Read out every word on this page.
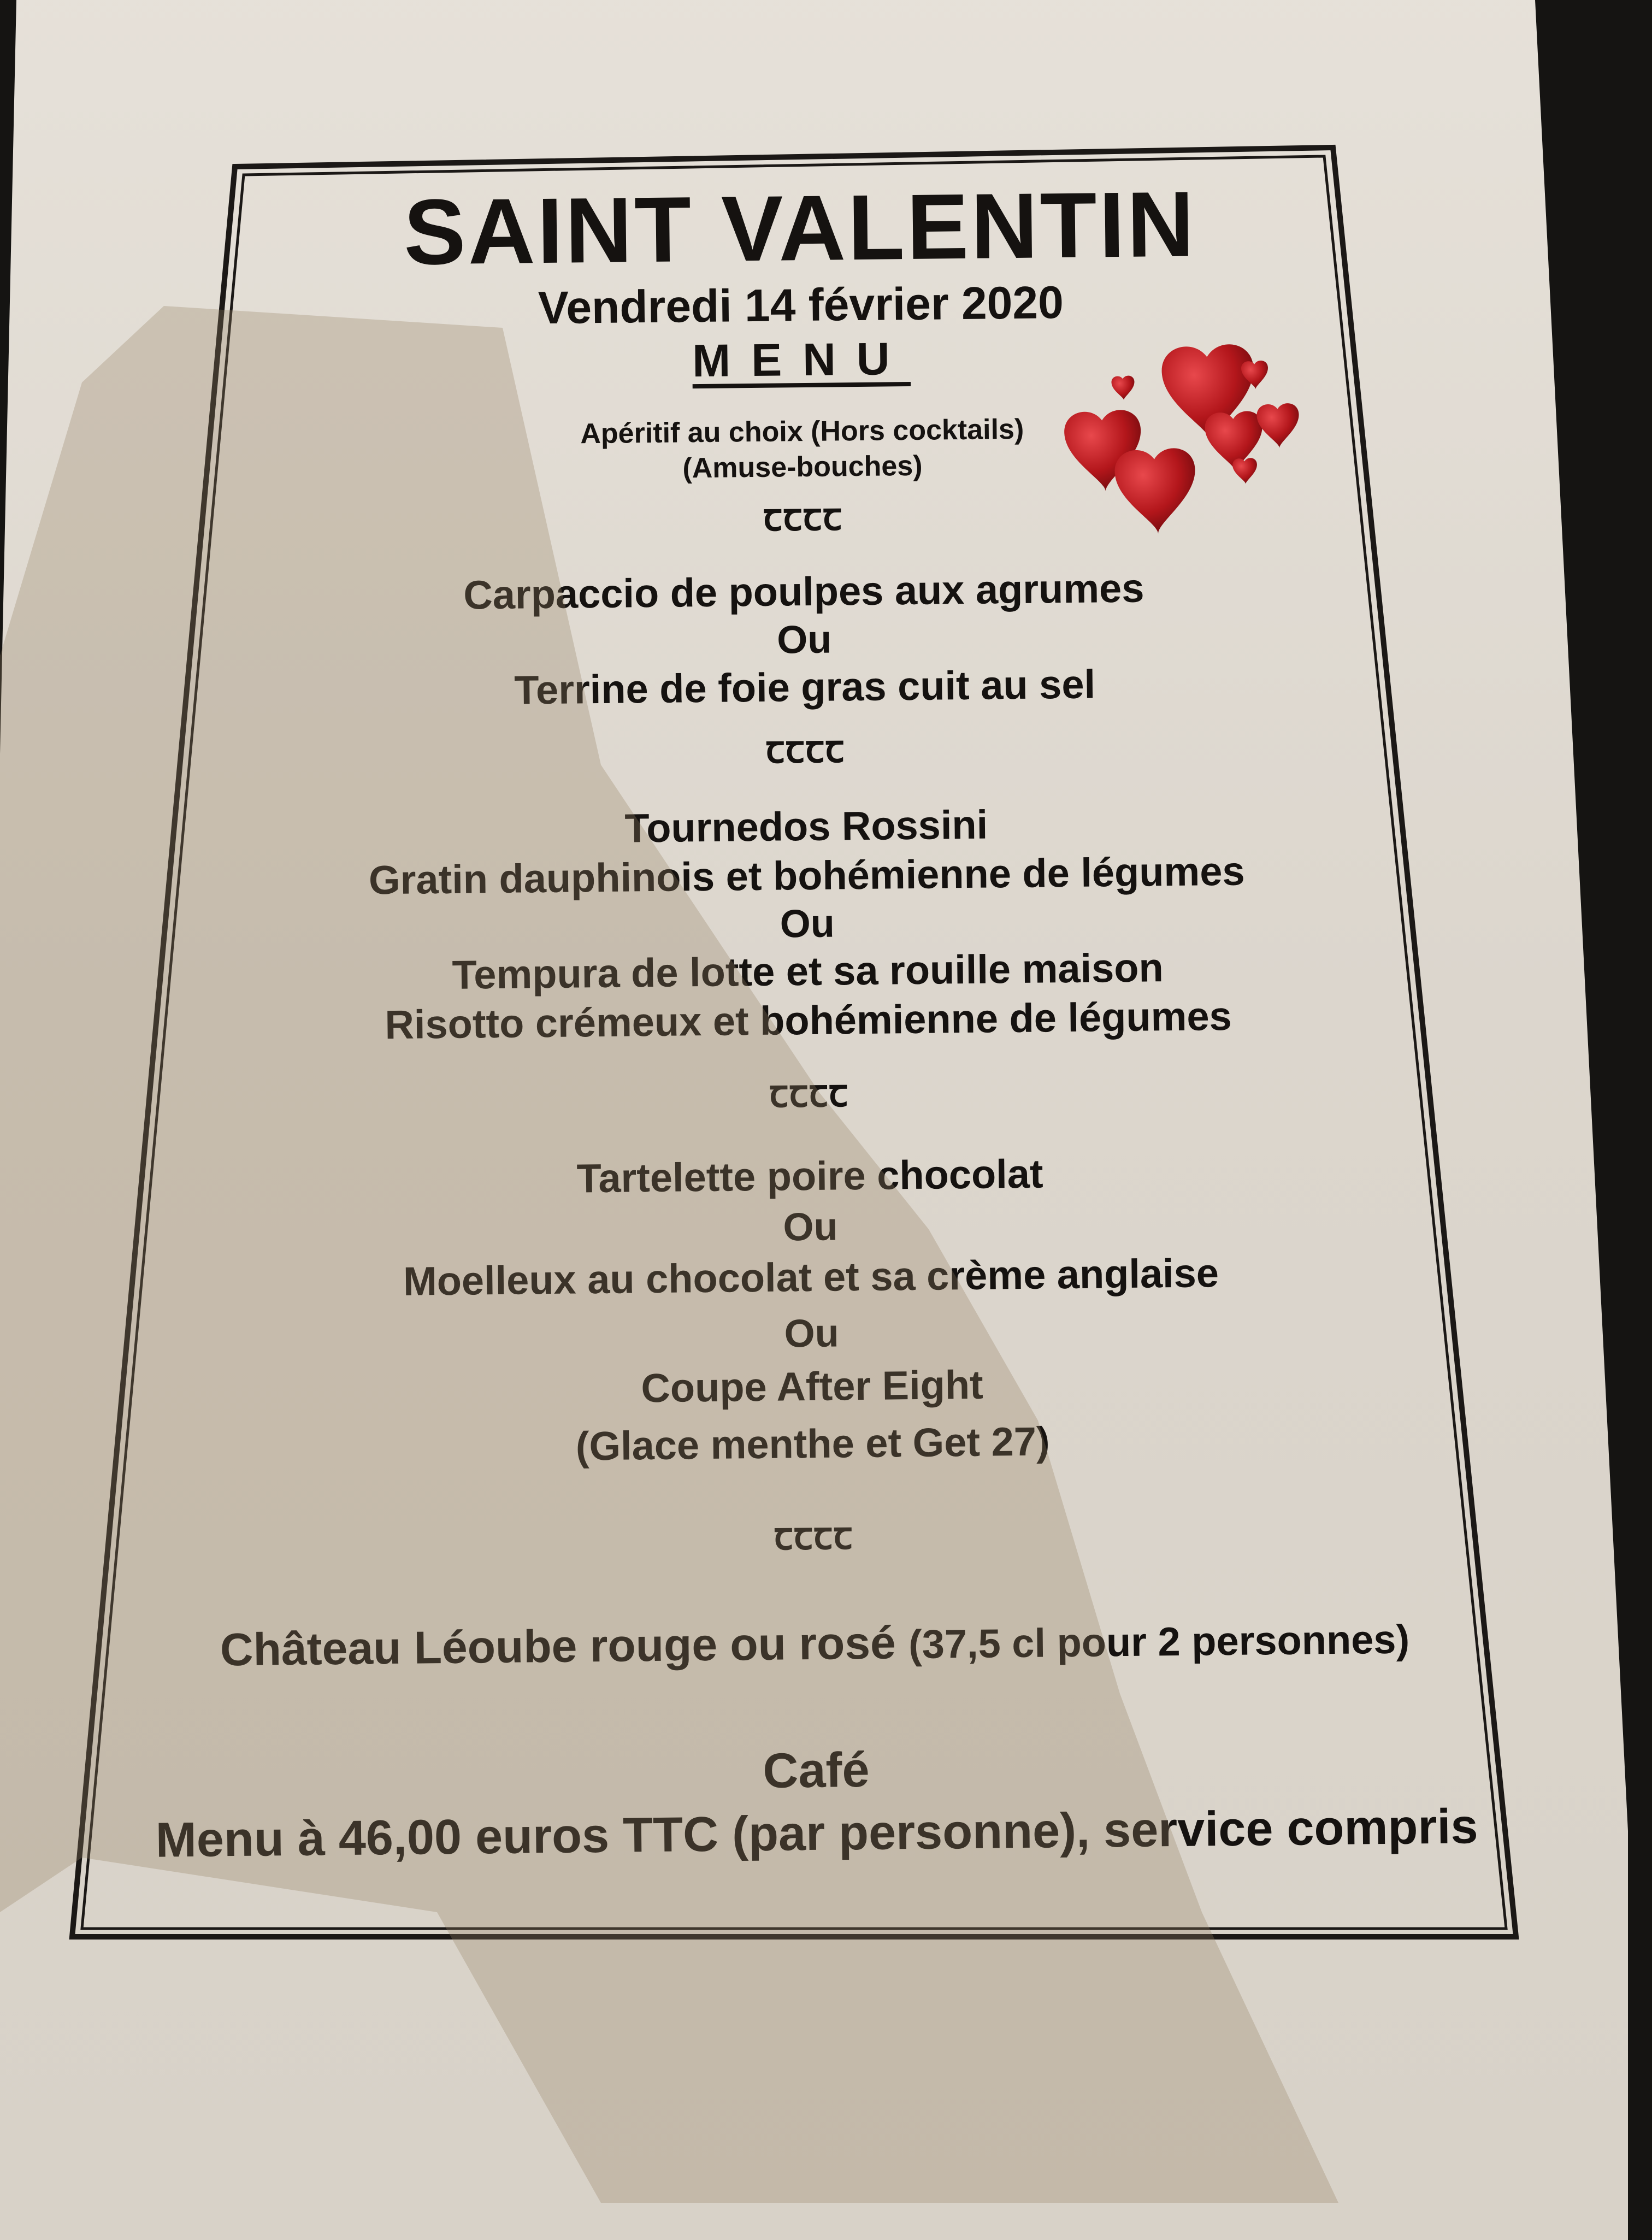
SAINT VALENTIN
Vendredi 14 février 2020
MENU
Apéritif au choix (Hors cocktails)
(Amuse-bouches)
ꞇꞇꞇꞇ
Carpaccio de poulpes aux agrumes
Ou
Terrine de foie gras cuit au sel
ꞇꞇꞇꞇ
Tournedos Rossini
Gratin dauphinois et bohémienne de légumes
Ou
Tempura de lotte et sa rouille maison
Risotto crémeux et bohémienne de légumes
ꞇꞇꞇꞇ
Tartelette poire chocolat
Ou
Moelleux au chocolat et sa crème anglaise
Ou
Coupe After Eight
(Glace menthe et Get 27)
ꞇꞇꞇꞇ
Château Léoube rouge ou rosé (37,5 cl pour 2 personnes)
Café
Menu à 46,00 euros TTC (par personne), service compris
